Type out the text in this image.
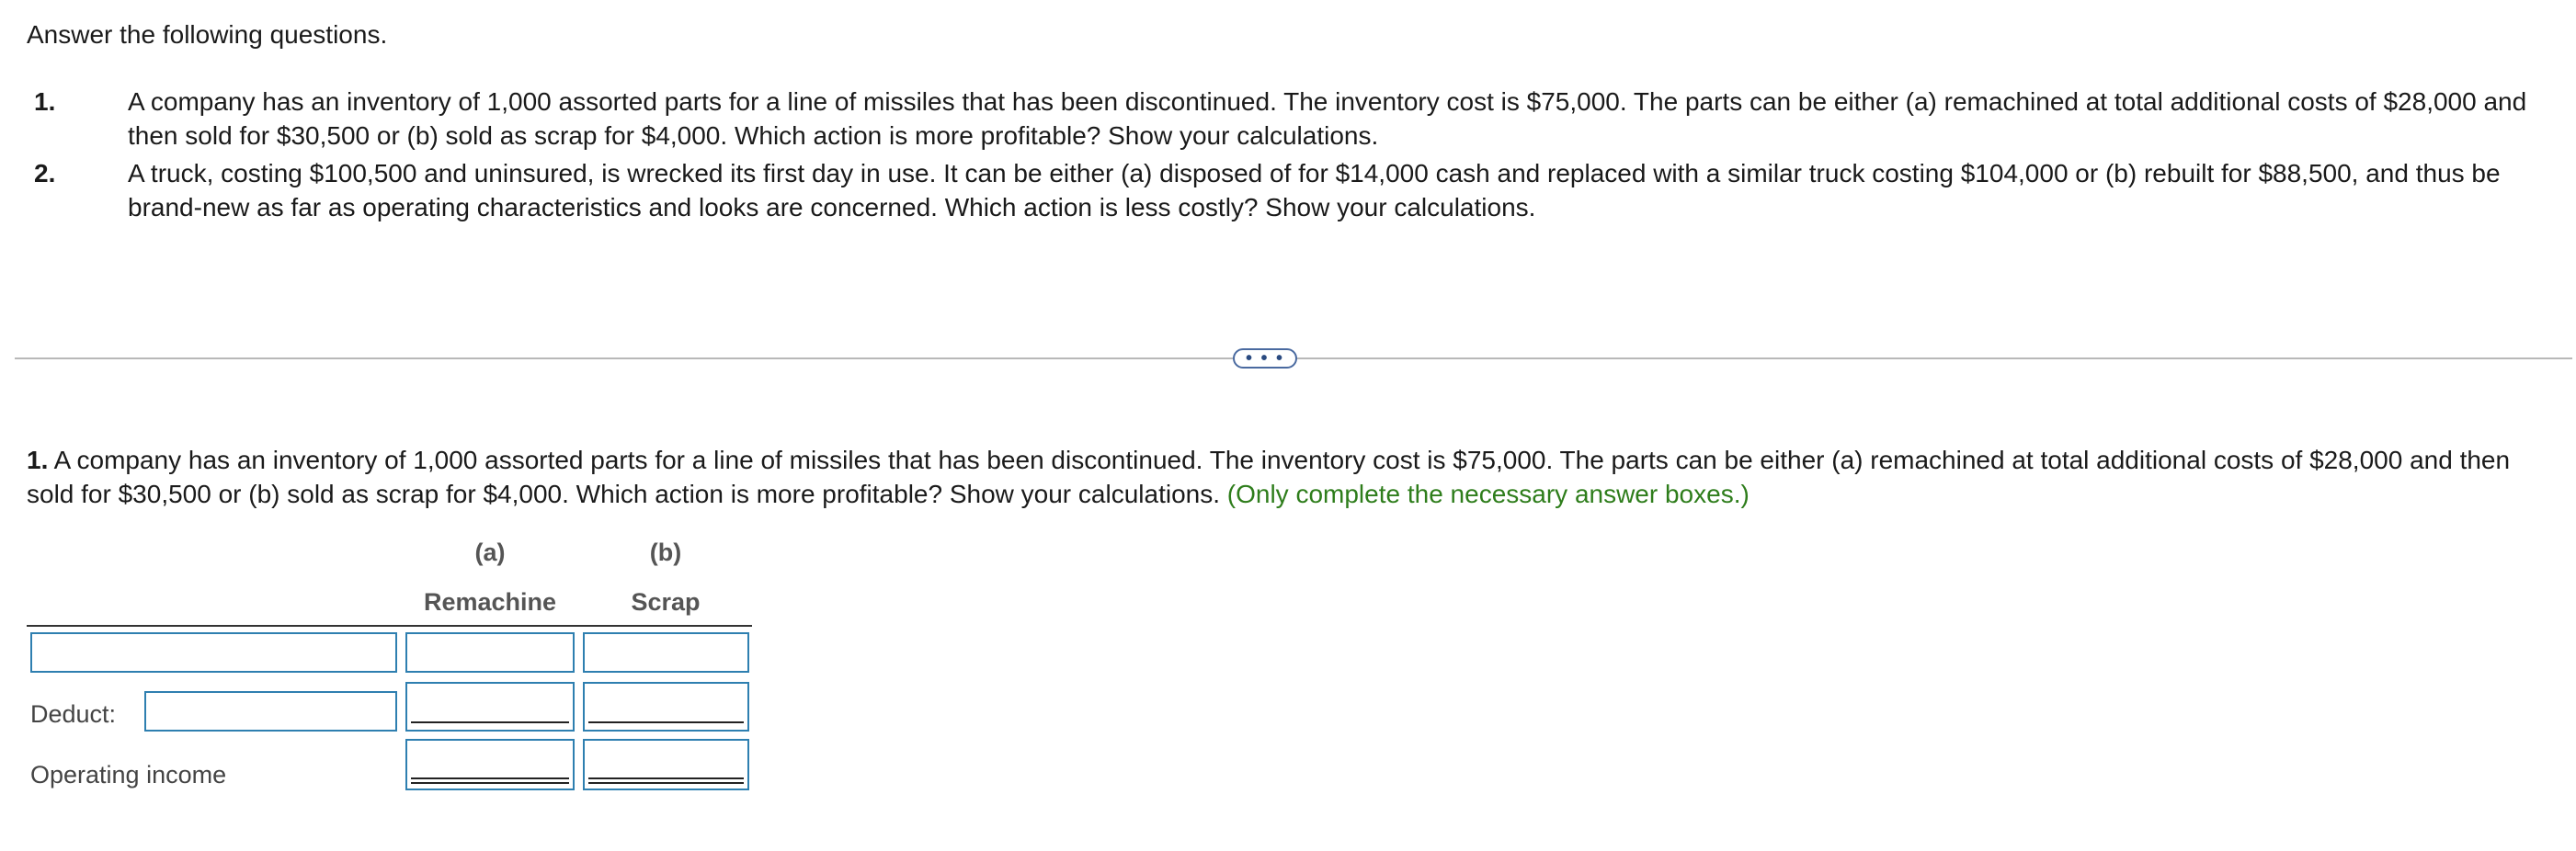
Answer the following questions.
1.	A company has an inventory of 1,000 assorted parts for a line of missiles that has been discontinued. The inventory cost is $75,000. The parts can be either (a) remachined at total additional costs of $28,000 and then sold for $30,500 or (b) sold as scrap for $4,000. Which action is more profitable? Show your calculations.
2.	A truck, costing $100,500 and uninsured, is wrecked its first day in use. It can be either (a) disposed of for $14,000 cash and replaced with a similar truck costing $104,000 or (b) rebuilt for $88,500, and thus be brand-new as far as operating characteristics and looks are concerned. Which action is less costly? Show your calculations.
• • •
1. A company has an inventory of 1,000 assorted parts for a line of missiles that has been discontinued. The inventory cost is $75,000. The parts can be either (a) remachined at total additional costs of $28,000 and then sold for $30,500 or (b) sold as scrap for $4,000. Which action is more profitable? Show your calculations. (Only complete the necessary answer boxes.)
(a)
Remachine
(b)
Scrap
Deduct:
Operating income
